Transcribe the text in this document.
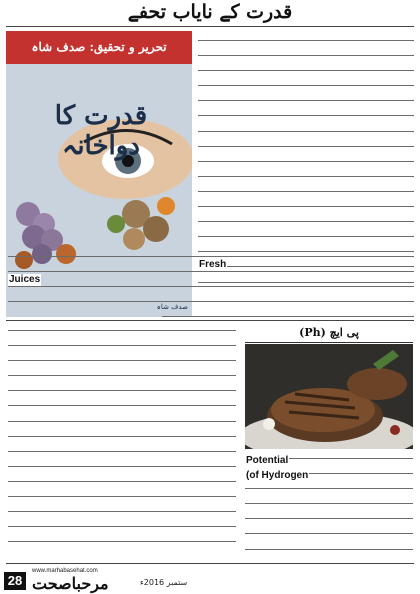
قدرت کے نایاب تحفے
تحریر و تحقیق: صدف شاہ
قدرت کا دواخانہ
صدف شاہ
Fresh
Juices
پی ایچ (Ph)
Potential
(of Hydrogen
28
www.marhabasehat.com
مرحباصحت	ستمبر 2016ء
